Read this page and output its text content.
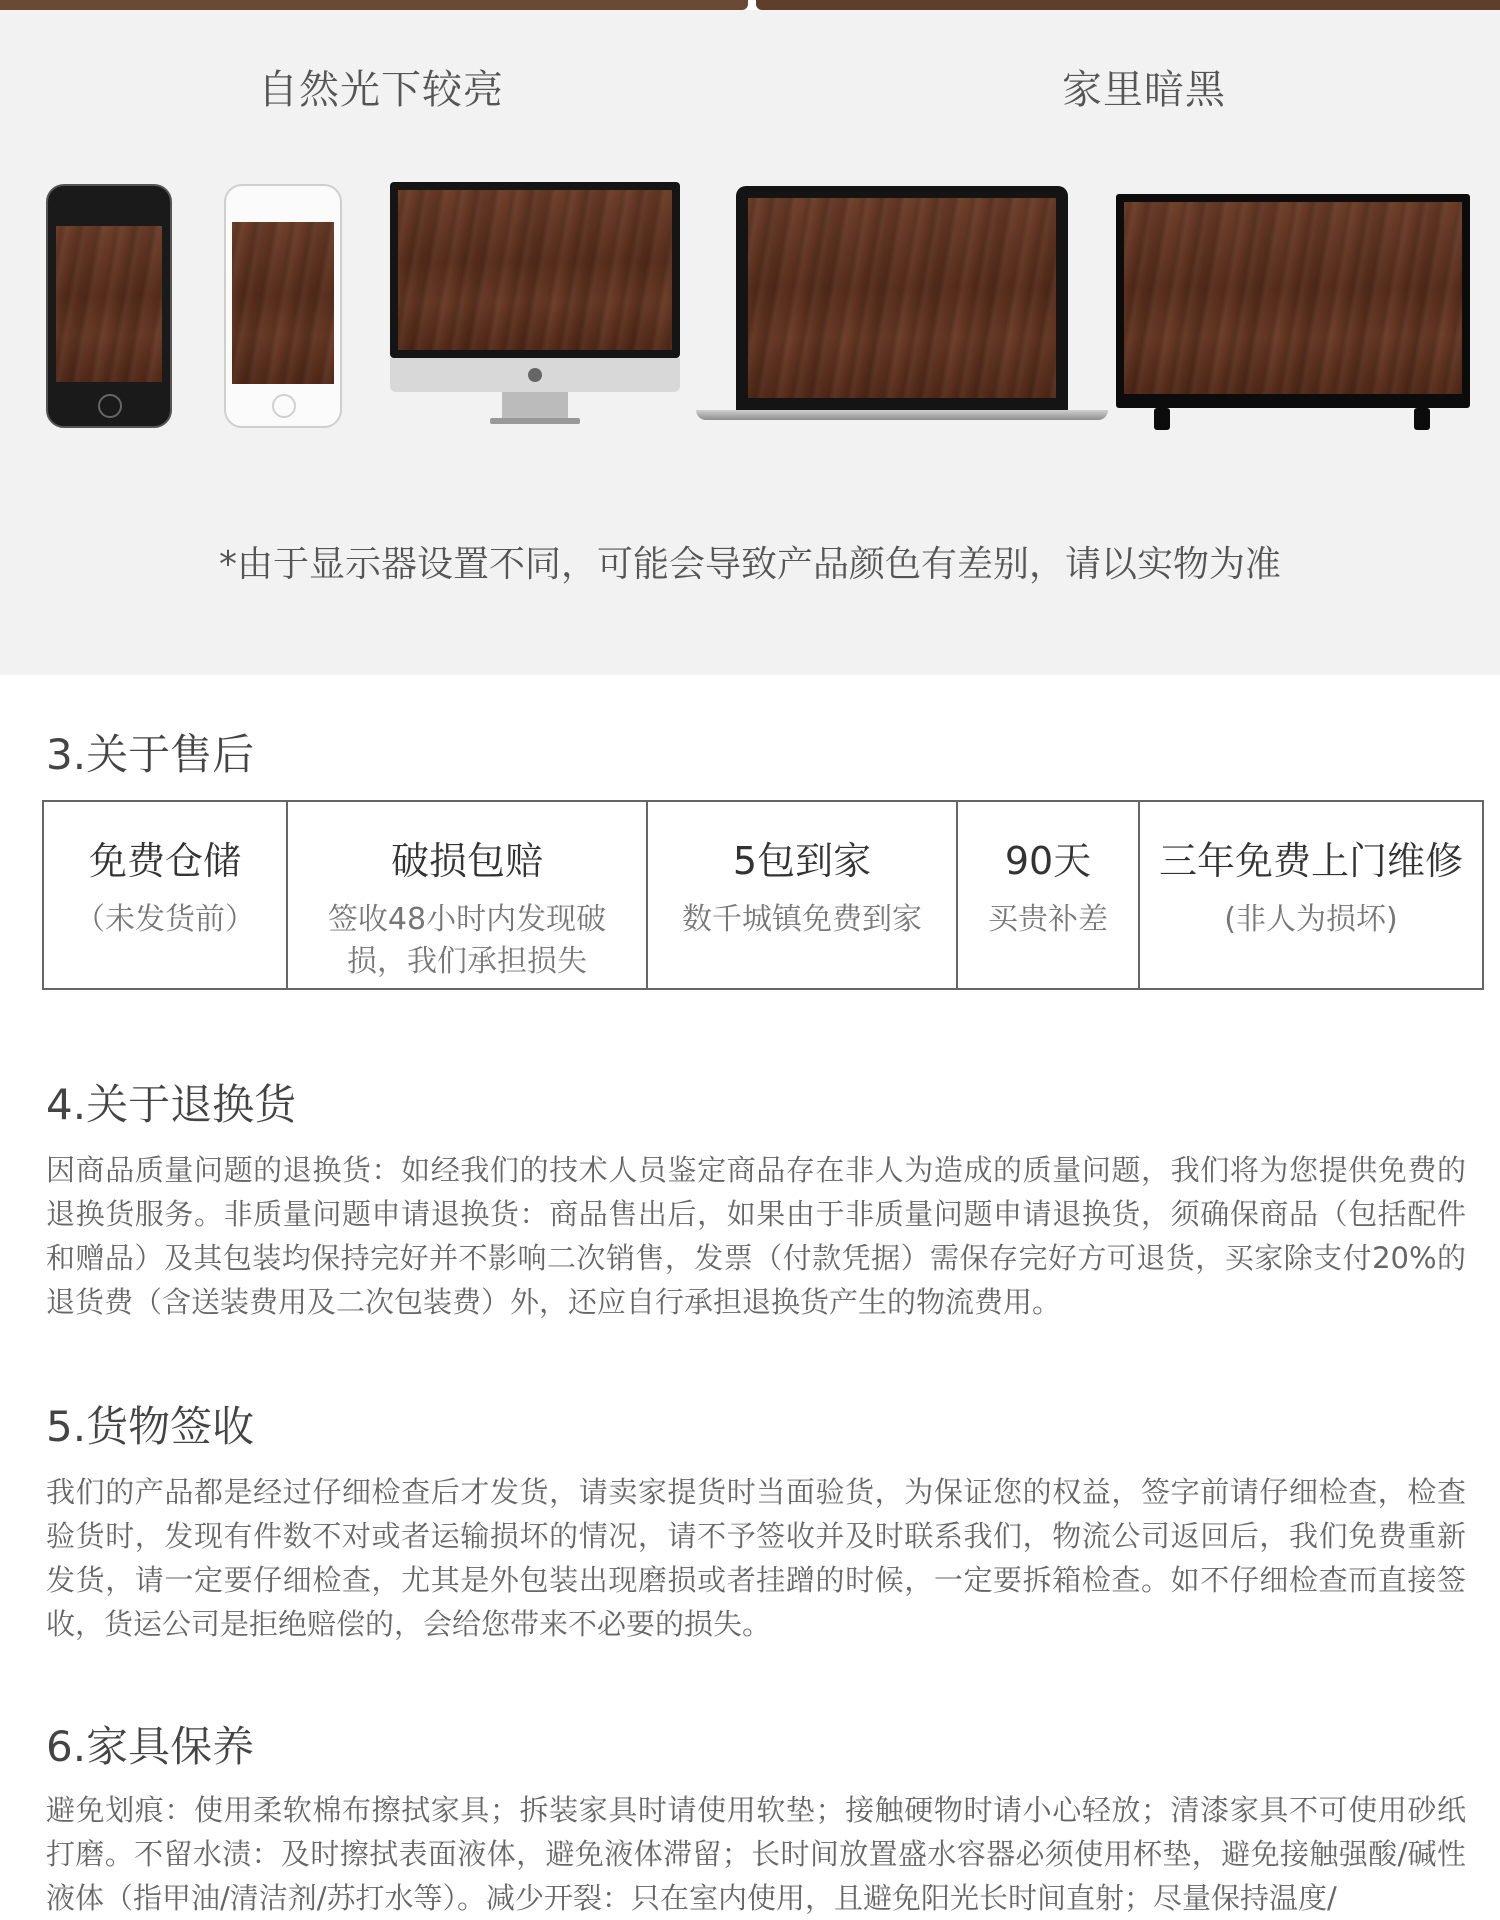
自然光下较亮	家里暗黑
*由于显示器设置不同，可能会导致产品颜色有差别，请以实物为准
3.关于售后
免费仓储
（未发货前）
破损包赔
签收48小时内发现破损，我们承担损失
5包到家
数千城镇免费到家
90天
买贵补差
三年免费上门维修
(非人为损坏)
4.关于退换货

因商品质量问题的退换货：如经我们的技术人员鉴定商品存在非人为造成的质量问题，我们将为您提供免费的退换货服务。非质量问题申请退换货：商品售出后，如果由于非质量问题申请退换货，须确保商品（包括配件和赠品）及其包装均保持完好并不影响二次销售，发票（付款凭据）需保存完好方可退货，买家除支付20%的退货费（含送装费用及二次包装费）外，还应自行承担退换货产生的物流费用。

5.货物签收

我们的产品都是经过仔细检查后才发货，请卖家提货时当面验货，为保证您的权益，签字前请仔细检查，检查验货时，发现有件数不对或者运输损坏的情况，请不予签收并及时联系我们，物流公司返回后，我们免费重新发货，请一定要仔细检查，尤其是外包装出现磨损或者挂蹭的时候，一定要拆箱检查。如不仔细检查而直接签收，货运公司是拒绝赔偿的，会给您带来不必要的损失。

6.家具保养

避免划痕：使用柔软棉布擦拭家具；拆装家具时请使用软垫；接触硬物时请小心轻放；清漆家具不可使用砂纸打磨。不留水渍：及时擦拭表面液体，避免液体滞留；长时间放置盛水容器必须使用杯垫，避免接触强酸/碱性液体（指甲油/清洁剂/苏打水等）。减少开裂：只在室内使用，且避免阳光长时间直射；尽量保持温度/
